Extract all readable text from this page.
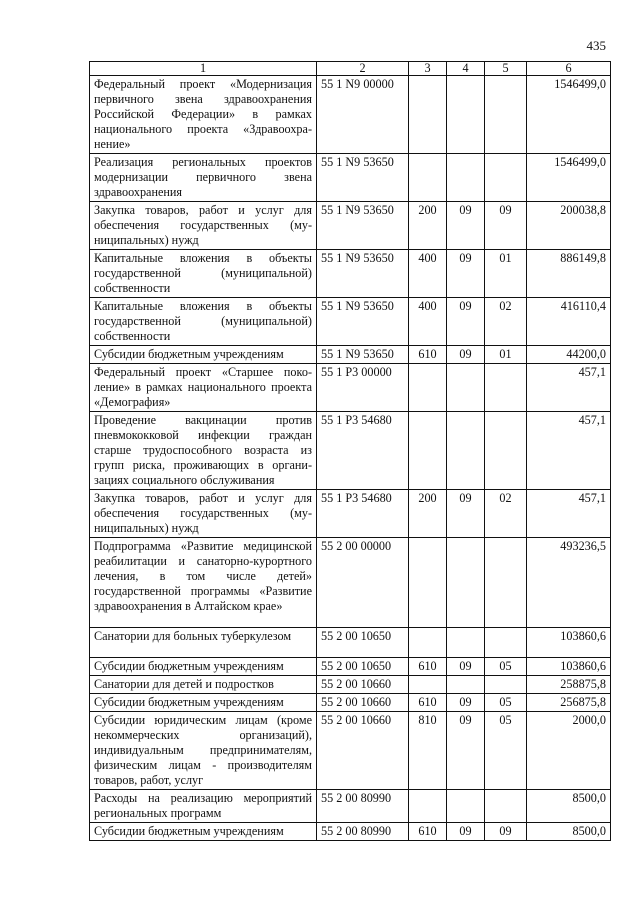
435
1	2	3	4	5	6
Федеральный проект «Модернизация первичного звена здравоохранения Российской Федерации» в рамках национального проекта «Здравоохранение»	55 1 N9 00000				1546499,0
Реализация региональных проектов модернизации первичного звена здравоохранения	55 1 N9 53650				1546499,0
Закупка товаров, работ и услуг для обеспечения государственных (муниципальных) нужд	55 1 N9 53650	200	09	09	200038,8
Капитальные вложения в объекты государственной (муниципальной) собственности	55 1 N9 53650	400	09	01	886149,8
Капитальные вложения в объекты государственной (муниципальной) собственности	55 1 N9 53650	400	09	02	416110,4
Субсидии бюджетным учреждениям	55 1 N9 53650	610	09	01	44200,0
Федеральный проект «Старшее поколение» в рамках национального проекта «Демография»	55 1 P3 00000				457,1
Проведение вакцинации против пневмококковой инфекции граждан старше трудоспособного возраста из групп риска, проживающих в организациях социального обслуживания	55 1 P3 54680				457,1
Закупка товаров, работ и услуг для обеспечения государственных (муниципальных) нужд	55 1 P3 54680	200	09	02	457,1
Подпрограмма «Развитие медицинской реабилитации и санаторно-курортного лечения, в том числе детей» государственной программы «Развитие здравоохранения в Алтайском крае»	55 2 00 00000				493236,5
Санатории для больных туберкулезом	55 2 00 10650				103860,6
Субсидии бюджетным учреждениям	55 2 00 10650	610	09	05	103860,6
Санатории для детей и подростков	55 2 00 10660				258875,8
Субсидии бюджетным учреждениям	55 2 00 10660	610	09	05	256875,8
Субсидии юридическим лицам (кроме некоммерческих организаций), индивидуальным предпринимателям, физическим лицам - производителям товаров, работ, услуг	55 2 00 10660	810	09	05	2000,0
Расходы на реализацию мероприятий региональных программ	55 2 00 80990				8500,0
Субсидии бюджетным учреждениям	55 2 00 80990	610	09	09	8500,0
